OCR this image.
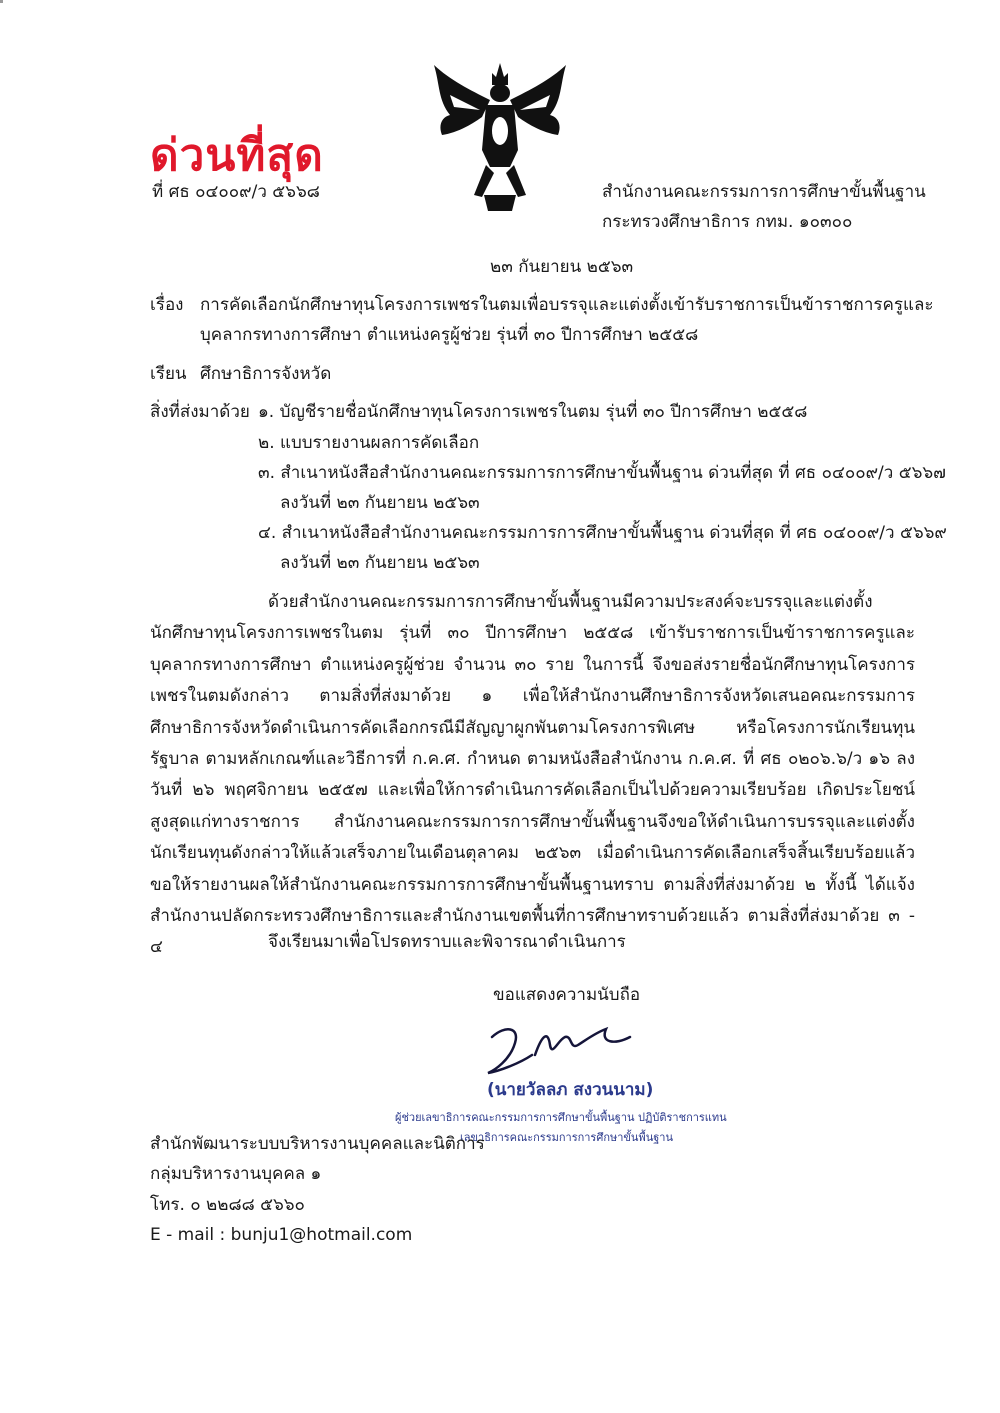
ด่วนที่สุด
ที่ ศธ ๐๔๐๐๙/ว ๕๖๖๘	สำนักงานคณะกรรมการการศึกษาขั้นพื้นฐาน
กระทรวงศึกษาธิการ กทม. ๑๐๓๐๐
๒๓ กันยายน ๒๕๖๓
เรื่อง การคัดเลือกนักศึกษาทุนโครงการเพชรในตมเพื่อบรรจุและแต่งตั้งเข้ารับราชการเป็นข้าราชการครูและ
บุคลากรทางการศึกษา ตำแหน่งครูผู้ช่วย รุ่นที่ ๓๐ ปีการศึกษา ๒๕๕๘
เรียน ศึกษาธิการจังหวัด
สิ่งที่ส่งมาด้วย ๑. บัญชีรายชื่อนักศึกษาทุนโครงการเพชรในตม รุ่นที่ ๓๐ ปีการศึกษา ๒๕๕๘
๒. แบบรายงานผลการคัดเลือก
๓. สำเนาหนังสือสำนักงานคณะกรรมการการศึกษาขั้นพื้นฐาน ด่วนที่สุด ที่ ศธ ๐๔๐๐๙/ว ๕๖๖๗
ลงวันที่ ๒๓ กันยายน ๒๕๖๓
๔. สำเนาหนังสือสำนักงานคณะกรรมการการศึกษาขั้นพื้นฐาน ด่วนที่สุด ที่ ศธ ๐๔๐๐๙/ว ๕๖๖๙
ลงวันที่ ๒๓ กันยายน ๒๕๖๓

ด้วยสำนักงานคณะกรรมการการศึกษาขั้นพื้นฐานมีความประสงค์จะบรรจุและแต่งตั้งนักศึกษาทุนโครงการเพชรในตม รุ่นที่ ๓๐ ปีการศึกษา ๒๕๕๘ เข้ารับราชการเป็นข้าราชการครูและบุคลากรทางการศึกษา ตำแหน่งครูผู้ช่วย จำนวน ๓๐ ราย ในการนี้ จึงขอส่งรายชื่อนักศึกษาทุนโครงการเพชรในตมดังกล่าว ตามสิ่งที่ส่งมาด้วย ๑ เพื่อให้สำนักงานศึกษาธิการจังหวัดเสนอคณะกรรมการศึกษาธิการจังหวัดดำเนินการคัดเลือกกรณีมีสัญญาผูกพันตามโครงการพิเศษ หรือโครงการนักเรียนทุนรัฐบาล ตามหลักเกณฑ์และวิธีการที่ ก.ค.ศ. กำหนด ตามหนังสือสำนักงาน ก.ค.ศ. ที่ ศธ ๐๒๐๖.๖/ว ๑๖ ลงวันที่ ๒๖ พฤศจิกายน ๒๕๕๗ และเพื่อให้การดำเนินการคัดเลือกเป็นไปด้วยความเรียบร้อย เกิดประโยชน์สูงสุดแก่ทางราชการ สำนักงานคณะกรรมการการศึกษาขั้นพื้นฐานจึงขอให้ดำเนินการบรรจุและแต่งตั้งนักเรียนทุนดังกล่าวให้แล้วเสร็จภายในเดือนตุลาคม ๒๕๖๓ เมื่อดำเนินการคัดเลือกเสร็จสิ้นเรียบร้อยแล้ว ขอให้รายงานผลให้สำนักงานคณะกรรมการการศึกษาขั้นพื้นฐานทราบ ตามสิ่งที่ส่งมาด้วย ๒ ทั้งนี้ ได้แจ้งสำนักงานปลัดกระทรวงศึกษาธิการและสำนักงานเขตพื้นที่การศึกษาทราบด้วยแล้ว ตามสิ่งที่ส่งมาด้วย ๓ - ๔	จึงเรียนมาเพื่อโปรดทราบและพิจารณาดำเนินการ
ขอแสดงความนับถือ
(นายวัลลภ สงวนนาม)
ผู้ช่วยเลขาธิการคณะกรรมการการศึกษาขั้นพื้นฐาน ปฏิบัติราชการแทน
เลขาธิการคณะกรรมการการศึกษาขั้นพื้นฐาน
สำนักพัฒนาระบบบริหารงานบุคคลและนิติการ
กลุ่มบริหารงานบุคคล ๑
โทร. ๐ ๒๒๘๘ ๕๖๖๐
E - mail : bunju1@hotmail.com
